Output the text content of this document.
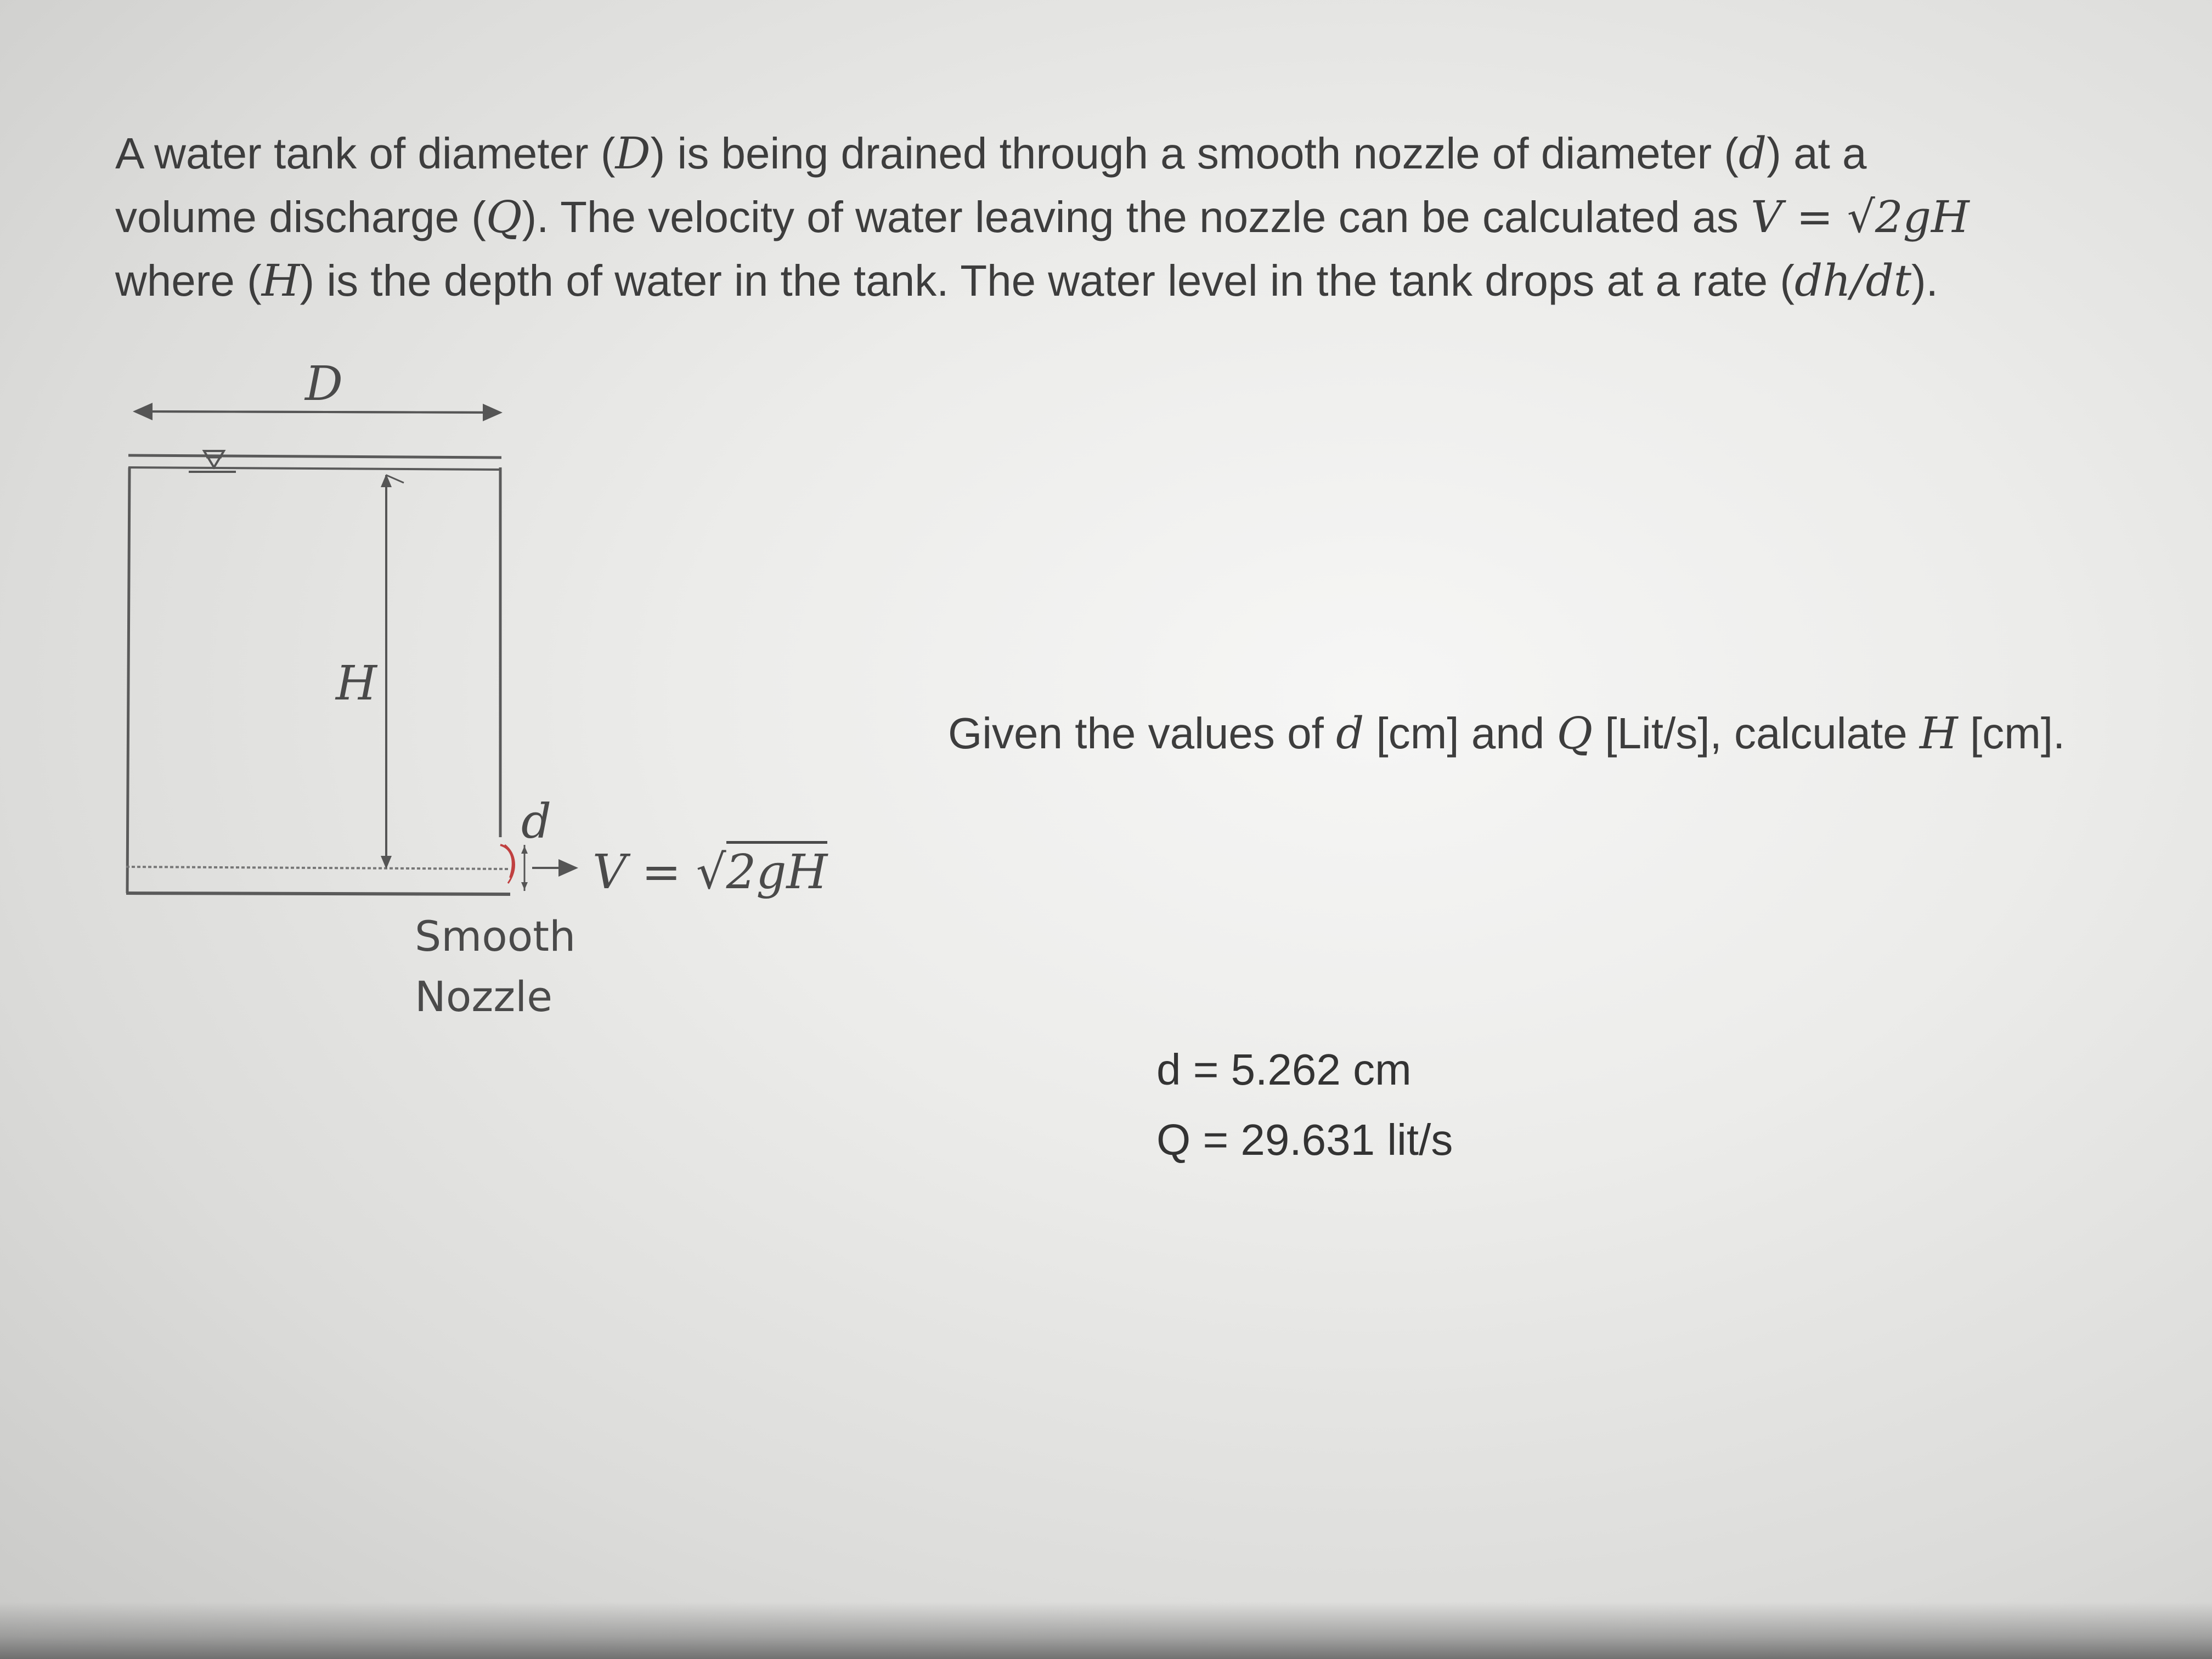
A water tank of diameter (D) is being drained through a smooth nozzle of diameter (d) at a

volume discharge (Q). The velocity of water leaving the nozzle can be calculated as V = √2gH

where (H) is the depth of water in the tank. The water level in the tank drops at a rate (dh/dt).

D
H
d
V = √2gH
Smooth
Nozzle
Given the values of d [cm] and Q [Lit/s], calculate H [cm].
d = 5.262 cm
Q = 29.631 lit/s
